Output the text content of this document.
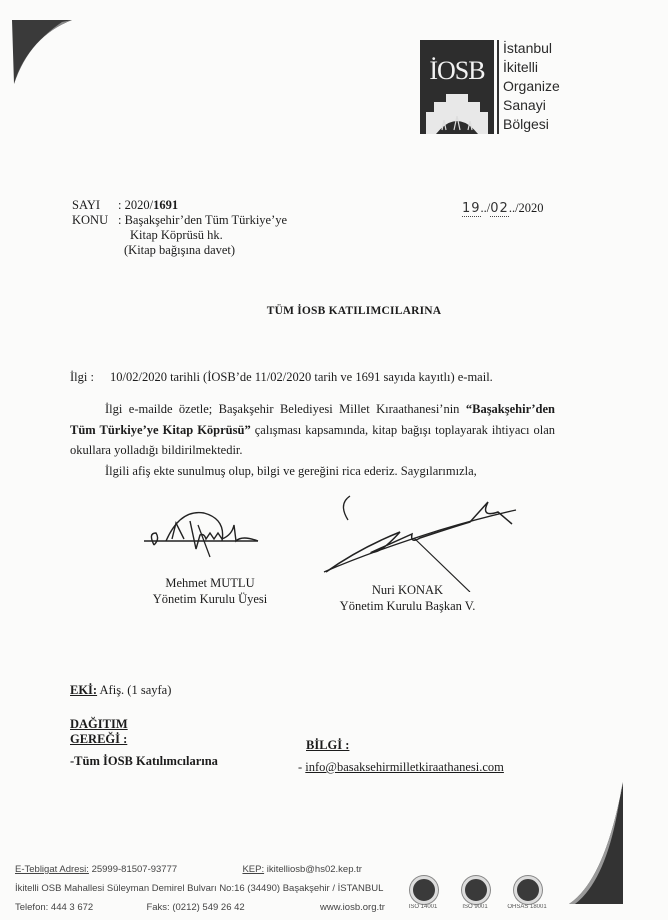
İOSB
İstanbul
İkitelli
Organize
Sanayi
Bölgesi
SAYI : 2020/1691
KONU : Başakşehir’den Tüm Türkiye’ye
Kitap Köprüsü hk.
(Kitap bağışına davet)
19../02../2020
TÜM İOSB KATILIMCILARINA
İlgi : 10/02/2020 tarihli (İOSB’de 11/02/2020 tarih ve 1691 sayıda kayıtlı) e-mail.

İlgi e-mailde özetle; Başakşehir Belediyesi Millet Kıraathanesi’nin “Başakşehir’den Tüm Türkiye’ye Kitap Köprüsü” çalışması kapsamında, kitap bağışı toplayarak ihtiyacı olan okullara yolladığı bildirilmektedir.

İlgili afiş ekte sunulmuş olup, bilgi ve gereğini rica ederiz. Saygılarımızla,

Mehmet MUTLU
Yönetim Kurulu Üyesi
Nuri KONAK
Yönetim Kurulu Başkan V.
EKİ: Afiş. (1 sayfa)
DAĞITIM
GEREĞİ :
-Tüm İOSB Katılımcılarına
BİLGİ :
- info@basaksehirmilletkiraathanesi.com
E-Tebligat Adresi: 25999-81507-93777	KEP: ikitelliosb@hs02.kep.tr
İkitelli OSB Mahallesi Süleyman Demirel Bulvarı No:16 (34490) Başakşehir / İSTANBUL
Telefon: 444 3 672	Faks: (0212) 549 26 42	www.iosb.org.tr	ISO 14001	ISO 9001	OHSAS 18001
